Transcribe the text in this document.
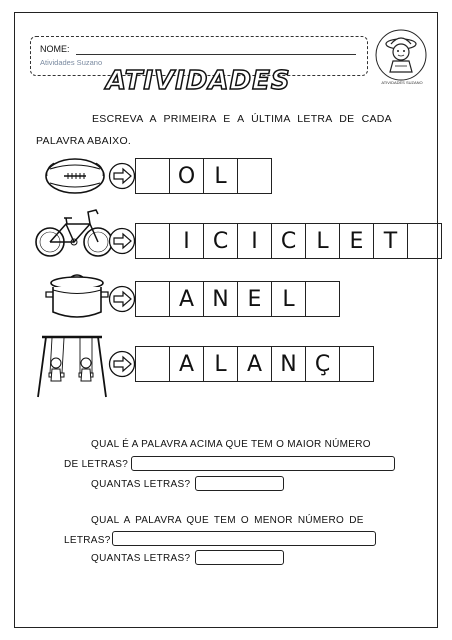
NOME:
Atividades Suzano
ATIVIDADES SUZANO
ATIVIDADES
ESCREVA A PRIMEIRA E A ÚLTIMA LETRA DE CADA PALAVRA ABAIXO.
O L
I	C	I	C L E T
A N E L
A L A N Ç
QUAL É A PALAVRA ACIMA QUE TEM O MAIOR NÚMERO
DE LETRAS?
QUANTAS LETRAS?
QUAL A PALAVRA QUE TEM O MENOR NÚMERO DE
LETRAS?
QUANTAS LETRAS?
